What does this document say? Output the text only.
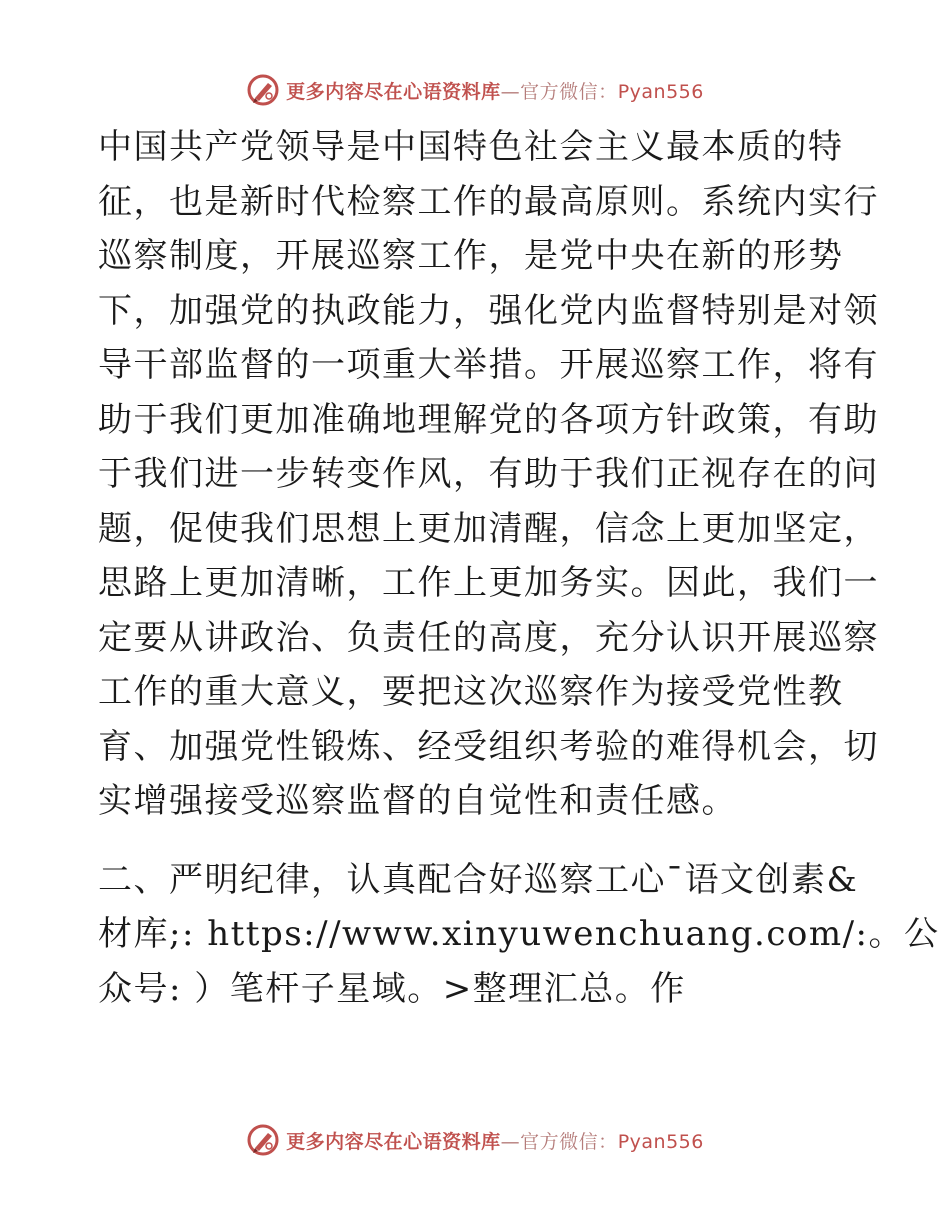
更多内容尽在心语资料库—官方微信：Pyan556
中国共产党领导是中国特色社会主义最本质的特
征，也是新时代检察工作的最高原则。系统内实行
巡察制度，开展巡察工作，是党中央在新的形势
下，加强党的执政能力，强化党内监督特别是对领
导干部监督的一项重大举措。开展巡察工作，将有
助于我们更加准确地理解党的各项方针政策，有助
于我们进一步转变作风，有助于我们正视存在的问
题，促使我们思想上更加清醒，信念上更加坚定，
思路上更加清晰，工作上更加务实。因此，我们一
定要从讲政治、负责任的高度，充分认识开展巡察
工作的重大意义，要把这次巡察作为接受党性教
育、加强党性锻炼、经受组织考验的难得机会，切
实增强接受巡察监督的自觉性和责任感。
二、严明纪律，认真配合好巡察工心¯语文创素&
材库;: https://www.xinyuwenchuang.com/:。公
众号: ）笔杆子星域。>整理汇总。作
更多内容尽在心语资料库—官方微信：Pyan556
